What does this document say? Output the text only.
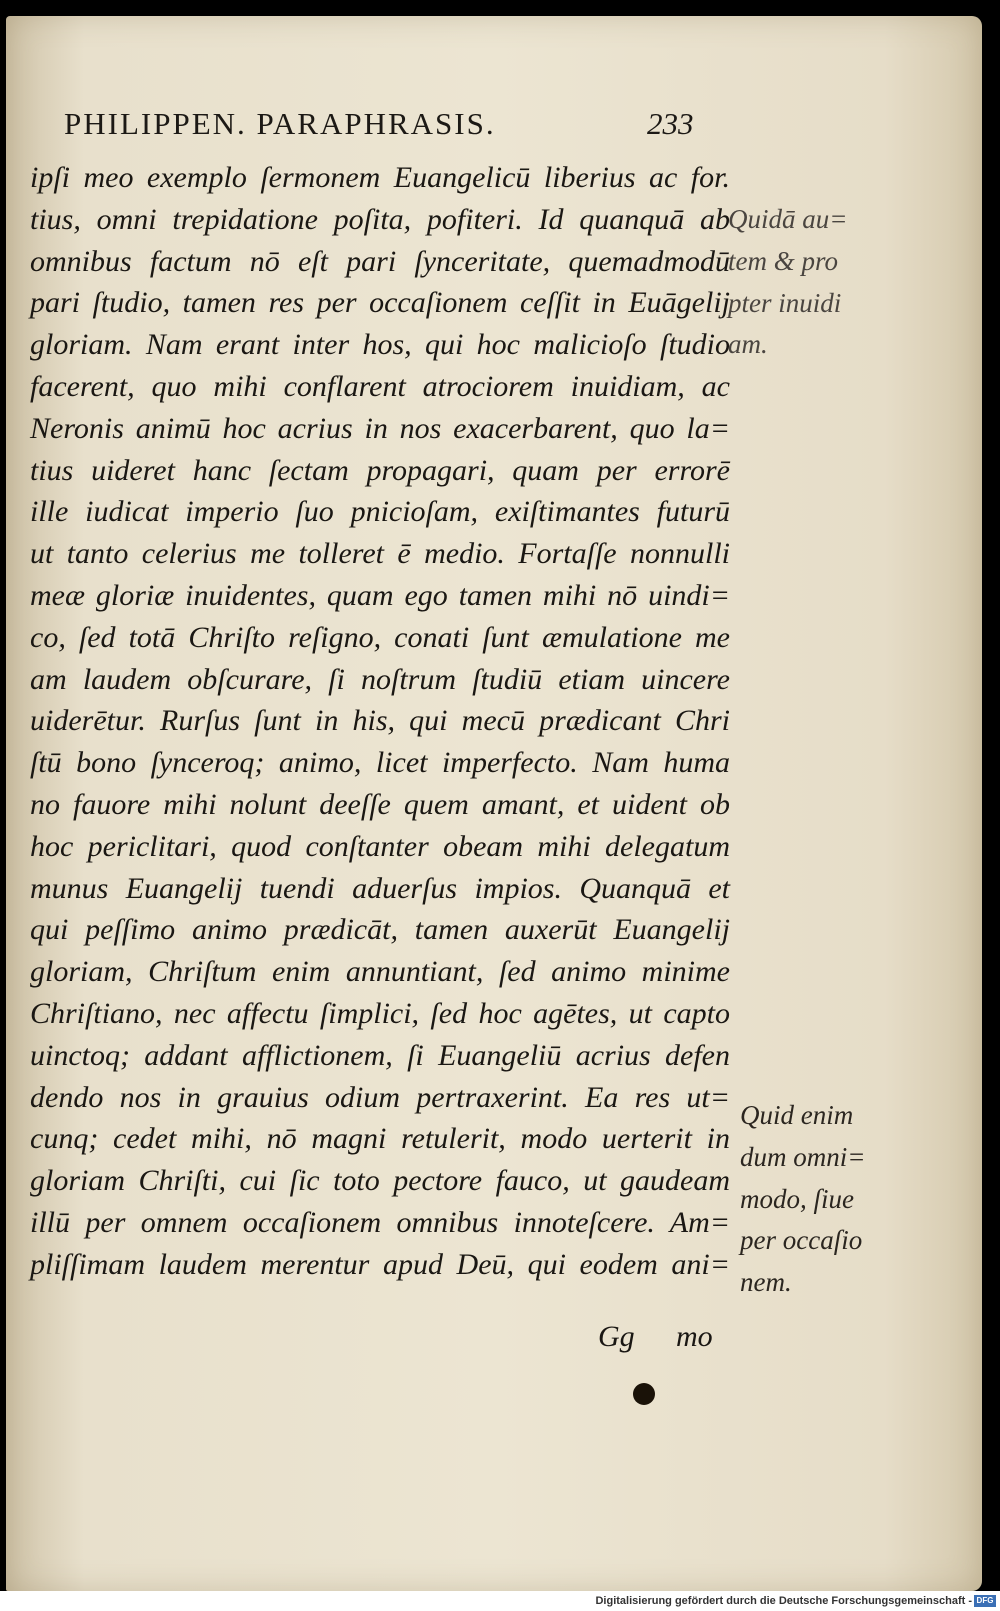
PHILIPPEN. PARAPHRASIS.	233
ipſi meo exemplo ſermonem Euangelicū liberius ac for.
tius, omni trepidatione poſita, pofiteri. Id quanquā ab
omnibus factum nō eſt pari ſynceritate, quemadmodū
pari ſtudio, tamen res per occaſionem ceſſit in Euāgelij
gloriam. Nam erant inter hos, qui hoc malicioſo ſtudio
facerent, quo mihi conflarent atrociorem inuidiam, ac
Neronis animū hoc acrius in nos exacerbarent, quo la=
tius uideret hanc ſectam propagari, quam per errorē
ille iudicat imperio ſuo pnicioſam, exiſtimantes futurū
ut tanto celerius me tolleret ē medio. Fortaſſe nonnulli
meæ gloriæ inuidentes, quam ego tamen mihi nō uindi=
co, ſed totā Chriſto reſigno, conati ſunt æmulatione me
am laudem obſcurare, ſi noſtrum ſtudiū etiam uincere
uiderētur. Rurſus ſunt in his, qui mecū prædicant Chri
ſtū bono ſynceroq; animo, licet imperfecto. Nam huma
no fauore mihi nolunt deeſſe quem amant, et uident ob
hoc periclitari, quod conſtanter obeam mihi delegatum
munus Euangelij tuendi aduerſus impios. Quanquā et
qui peſſimo animo prædicāt, tamen auxerūt Euangelij
gloriam, Chriſtum enim annuntiant, ſed animo minime
Chriſtiano, nec affectu ſimplici, ſed hoc agētes, ut capto
uinctoq; addant afflictionem, ſi Euangeliū acrius defen
dendo nos in grauius odium pertraxerint. Ea res ut=
cunq; cedet mihi, nō magni retulerit, modo uerterit in
gloriam Chriſti, cui ſic toto pectore fauco, ut gaudeam
illū per omnem occaſionem omnibus innoteſcere. Am=
pliſſimam laudem merentur apud Deū, qui eodem ani=
Quidā au=
tem & pro
pter inuidi
am.
Quid enim
dum omni=
modo, ſiue
per occaſio
nem.
Gg mo
Digitalisierung gefördert durch die Deutsche Forschungsgemeinschaft - DFG
